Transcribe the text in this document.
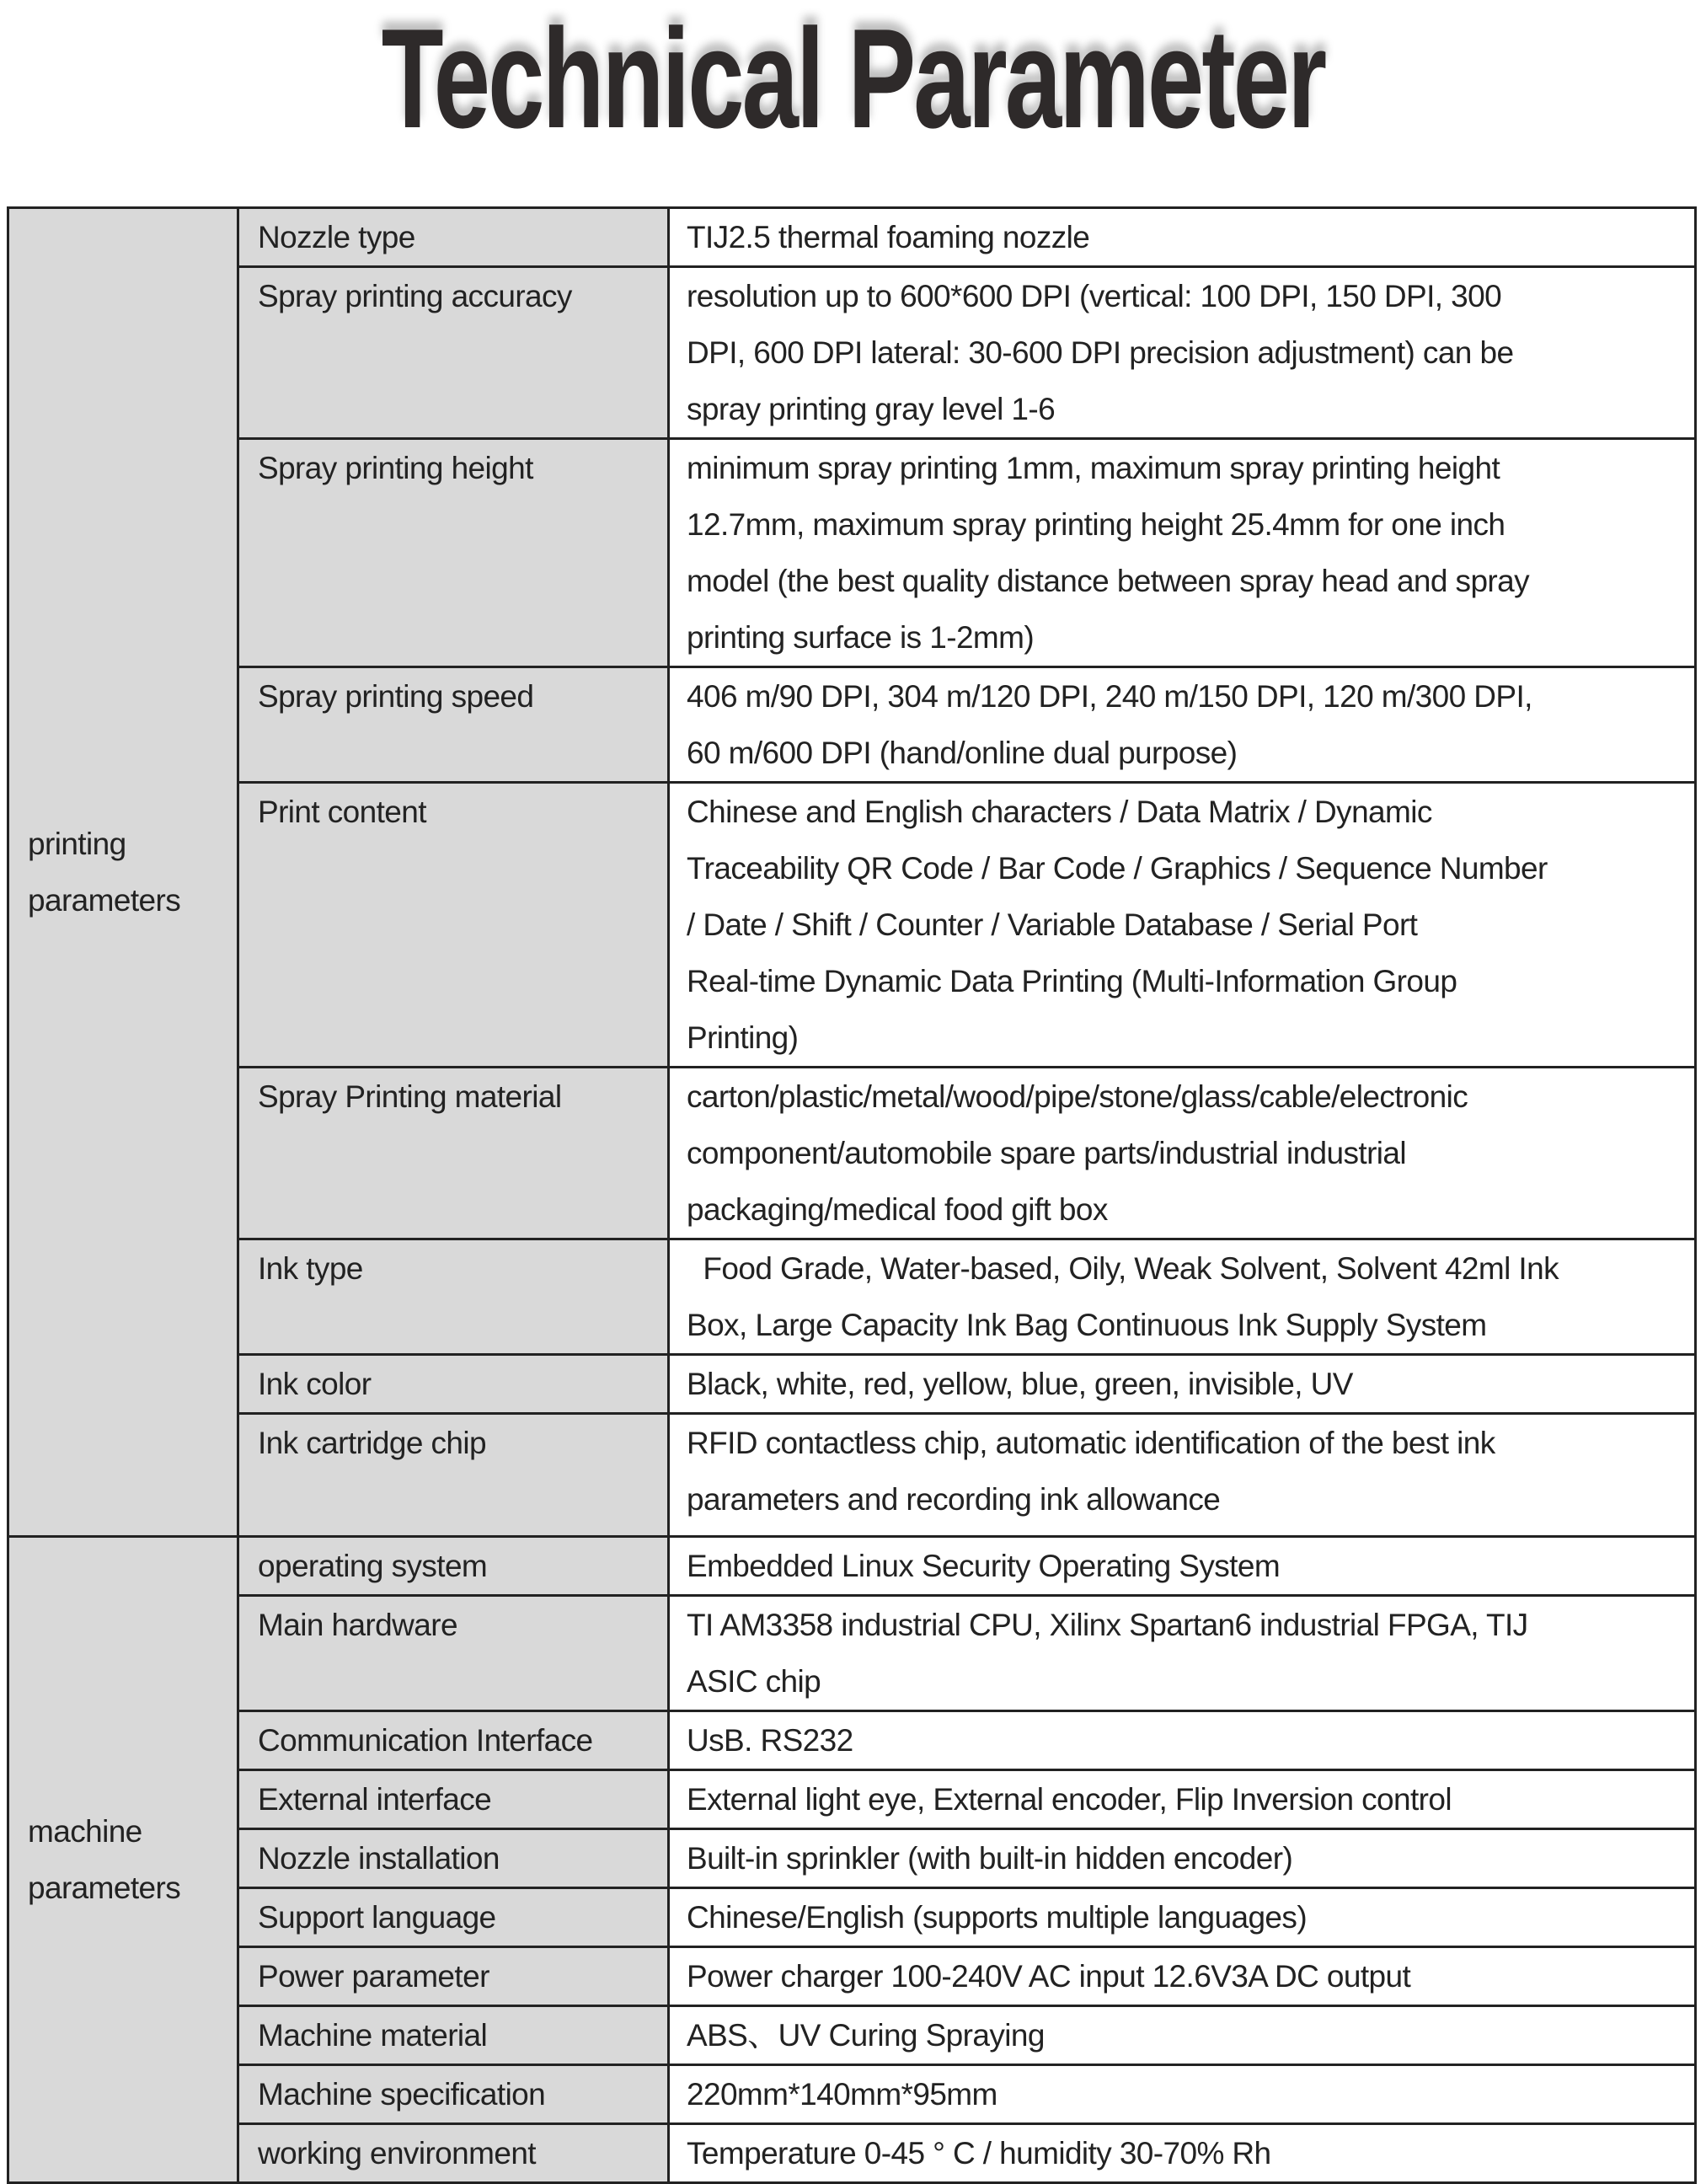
Technical Parameter
printing
parameters	Nozzle type	TIJ2.5 thermal foaming nozzle

	Spray printing accuracy	resolution up to 600*600 DPI (vertical: 100 DPI, 150 DPI, 300
DPI, 600 DPI lateral: 30-600 DPI precision adjustment) can be
spray printing gray level 1-6

	Spray printing height	minimum spray printing 1mm, maximum spray printing height
12.7mm, maximum spray printing height 25.4mm for one inch
model (the best quality distance between spray head and spray
printing surface is 1-2mm)

	Spray printing speed	406 m/90 DPI, 304 m/120 DPI, 240 m/150 DPI, 120 m/300 DPI,
60 m/600 DPI (hand/online dual purpose)

	Print content	Chinese and English characters / Data Matrix / Dynamic
Traceability QR Code / Bar Code / Graphics / Sequence Number
/ Date / Shift / Counter / Variable Database / Serial Port
Real-time Dynamic Data Printing (Multi-Information Group
Printing)

	Spray Printing material	carton/plastic/metal/wood/pipe/stone/glass/cable/electronic
component/automobile spare parts/industrial industrial
packaging/medical food gift box

	Ink type	Food Grade, Water-based, Oily, Weak Solvent, Solvent 42ml Ink
Box, Large Capacity Ink Bag Continuous Ink Supply System

	Ink color	Black, white, red, yellow, blue, green, invisible, UV

	Ink cartridge chip	RFID contactless chip, automatic identification of the best ink
parameters and recording ink allowance

machine
parameters	operating system	Embedded Linux Security Operating System

	Main hardware	TI AM3358 industrial CPU, Xilinx Spartan6 industrial FPGA, TIJ
ASIC chip

	Communication Interface	UsB. RS232

	External interface	External light eye, External encoder, Flip Inversion control

	Nozzle installation	Built-in sprinkler (with built-in hidden encoder)

	Support language	Chinese/English (supports multiple languages)

	Power parameter	Power charger 100-240V AC input 12.6V3A DC output

	Machine material	ABS、UV Curing Spraying

	Machine specification	220mm*140mm*95mm

	working environment	Temperature 0-45 ° C / humidity 30-70% Rh
